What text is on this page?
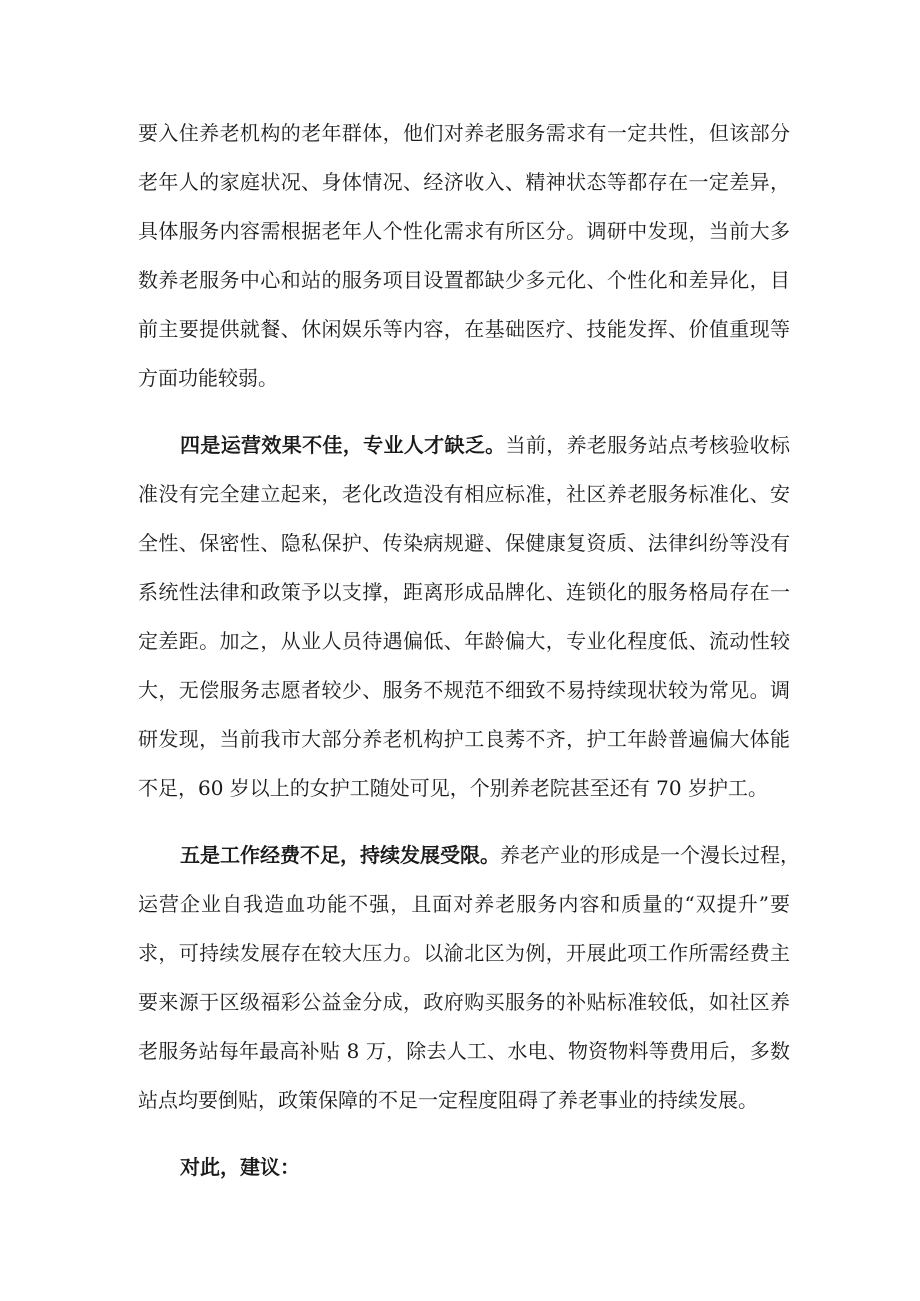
要入住养老机构的老年群体，他们对养老服务需求有一定共性，但该部分

老年人的家庭状况、身体情况、经济收入、精神状态等都存在一定差异，

具体服务内容需根据老年人个性化需求有所区分。调研中发现，当前大多

数养老服务中心和站的服务项目设置都缺少多元化、个性化和差异化，目

前主要提供就餐、休闲娱乐等内容，在基础医疗、技能发挥、价值重现等

方面功能较弱。

四是运营效果不佳，专业人才缺乏。当前，养老服务站点考核验收标

准没有完全建立起来，老化改造没有相应标准，社区养老服务标准化、安

全性、保密性、隐私保护、传染病规避、保健康复资质、法律纠纷等没有

系统性法律和政策予以支撑，距离形成品牌化、连锁化的服务格局存在一

定差距。加之，从业人员待遇偏低、年龄偏大，专业化程度低、流动性较

大，无偿服务志愿者较少、服务不规范不细致不易持续现状较为常见。调

研发现，当前我市大部分养老机构护工良莠不齐，护工年龄普遍偏大体能

不足，60 岁以上的女护工随处可见，个别养老院甚至还有 70 岁护工。

五是工作经费不足，持续发展受限。养老产业的形成是一个漫长过程，

运营企业自我造血功能不强，且面对养老服务内容和质量的“双提升”要

求，可持续发展存在较大压力。以渝北区为例，开展此项工作所需经费主

要来源于区级福彩公益金分成，政府购买服务的补贴标准较低，如社区养

老服务站每年最高补贴 8 万，除去人工、水电、物资物料等费用后，多数

站点均要倒贴，政策保障的不足一定程度阻碍了养老事业的持续发展。

对此，建议：
